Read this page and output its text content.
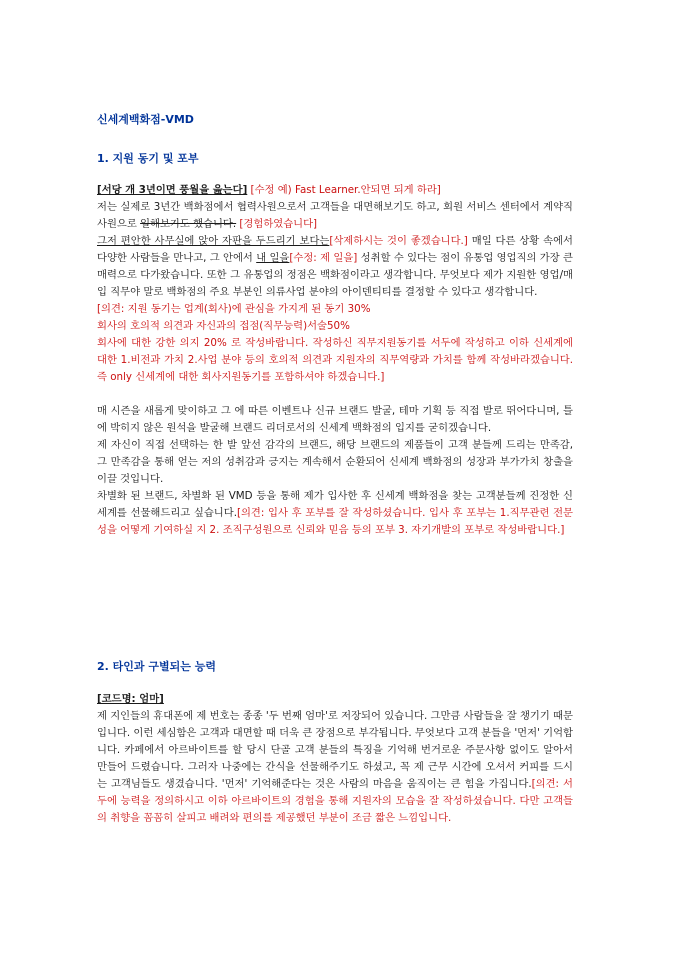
신세계백화점-VMD
1. 지원 동기 및 포부

[서당 개 3년이면 풍월을 읊는다] [수정 예) Fast Learner.안되면 되게 하라]

저는 실제로 3년간 백화점에서 협력사원으로서 고객들을 대면해보기도 하고, 회원 서비스 센터에서 계약직 사원으로 일해보기도 했습니다. [경험하였습니다]

그저 편안한 사무실에 앉아 자판을 두드리기 보다는[삭제하시는 것이 좋겠습니다.] 매일 다른 상황 속에서 다양한 사람들을 만나고, 그 안에서 내 일을[수정: 제 일을] 성취할 수 있다는 점이 유통업 영업직의 가장 큰 매력으로 다가왔습니다. 또한 그 유통업의 정점은 백화점이라고 생각합니다. 무엇보다 제가 지원한 영업/매입 직무야 말로 백화점의 주요 부분인 의류사업 분야의 아이덴티티를 결정할 수 있다고 생각합니다.

[의견: 지원 동기는 업계(회사)에 관심을 가지게 된 동기 30%

회사의 호의적 의견과 자신과의 접점(직무능력)서술50%

회사에 대한 강한 의지 20% 로 작성바랍니다. 작성하신 직무지원동기를 서두에 작성하고 이하 신세계에 대한 1.비전과 가치 2.사업 분야 등의 호의적 의견과 지원자의 직무역량과 가치를 함께 작성바라겠습니다. 즉 only 신세계에 대한 회사지원동기를 포함하셔야 하겠습니다.]

매 시즌을 새롭게 맞이하고 그 에 따른 이벤트나 신규 브랜드 발굴, 테마 기획 등 직접 발로 뛰어다니며, 틀에 박히지 않은 원석을 발굴해 브랜드 리더로서의 신세계 백화점의 입지를 굳히겠습니다.

제 자신이 직접 선택하는 한 발 앞선 감각의 브랜드, 해당 브랜드의 제품들이 고객 분들께 드리는 만족감, 그 만족감을 통해 얻는 저의 성취감과 긍지는 계속해서 순환되어 신세계 백화점의 성장과 부가가치 창출을 이끌 것입니다.

차별화 된 브랜드, 차별화 된 VMD 등을 통해 제가 입사한 후 신세계 백화점을 찾는 고객분들께 진정한 신세계를 선물해드리고 싶습니다.[의견: 입사 후 포부를 잘 작성하셨습니다. 입사 후 포부는 1.직무관련 전문성을 어떻게 기여하실 지 2. 조직구성원으로 신뢰와 믿음 등의 포부 3. 자기개발의 포부로 작성바랍니다.]

2. 타인과 구별되는 능력

[코드명: 엄마]

제 지인들의 휴대폰에 제 번호는 종종 '두 번째 엄마'로 저장되어 있습니다. 그만큼 사람들을 잘 챙기기 때문입니다. 이런 세심함은 고객과 대면할 때 더욱 큰 장점으로 부각됩니다. 무엇보다 고객 분들을 '먼저' 기억합니다. 카페에서 아르바이트를 할 당시 단골 고객 분들의 특징을 기억해 번거로운 주문사항 없이도 알아서 만들어 드렸습니다. 그러자 나중에는 간식을 선물해주기도 하셨고, 꼭 제 근무 시간에 오셔서 커피를 드시는 고객님들도 생겼습니다. '먼저' 기억해준다는 것은 사람의 마음을 움직이는 큰 힘을 가집니다.[의견: 서두에 능력을 정의하시고 이하 아르바이트의 경험을 통해 지원자의 모습을 잘 작성하셨습니다. 다만 고객들의 취향을 꼼꼼히 살피고 배려와 편의를 제공했던 부분이 조금 짧은 느낌입니다.
